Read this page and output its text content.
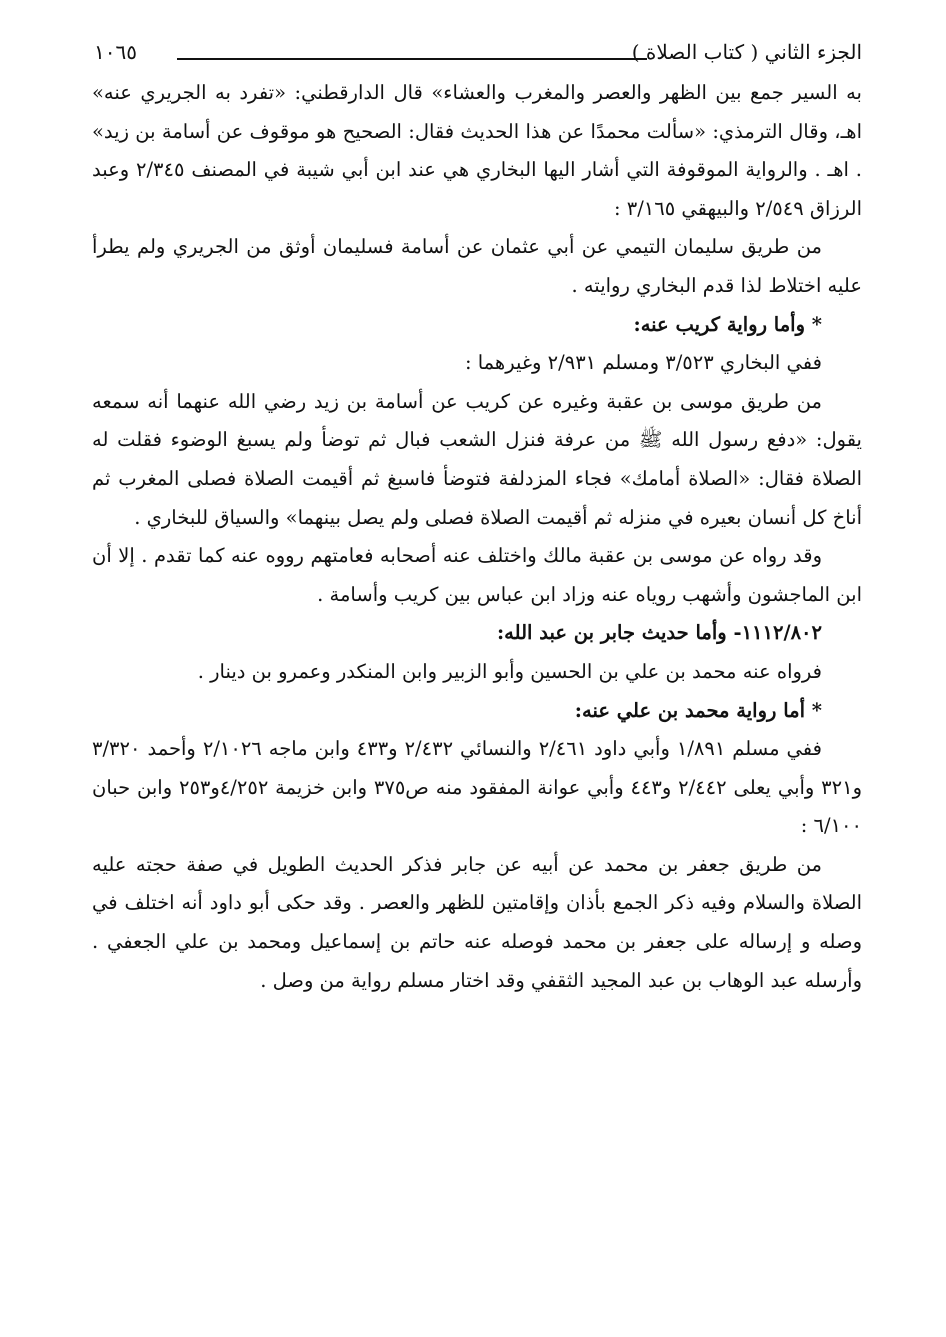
الجزء الثاني ( كتاب الصلاة )
١٠٦٥

به السير جمع بين الظهر والعصر والمغرب والعشاء» قال الدارقطني: «تفرد به الجريري عنه» اهـ، وقال الترمذي: «سألت محمدًا عن هذا الحديث فقال: الصحيح هو موقوف عن أسامة بن زيد» . اهـ . والرواية الموقوفة التي أشار اليها البخاري هي عند ابن أبي شيبة في المصنف ٢/٣٤٥ وعبد الرزاق ٢/٥٤٩ والبيهقي ٣/١٦٥ :

من طريق سليمان التيمي عن أبي عثمان عن أسامة فسليمان أوثق من الجريري ولم يطرأ عليه اختلاط لذا قدم البخاري روايته .

* وأما رواية كريب عنه:

ففي البخاري ٣/٥٢٣ ومسلم ٢/٩٣١ وغيرهما :

من طريق موسى بن عقبة وغيره عن كريب عن أسامة بن زيد رضي الله عنهما أنه سمعه يقول: «دفع رسول الله ﷺ من عرفة فنزل الشعب فبال ثم توضأ ولم يسبغ الوضوء فقلت له الصلاة فقال: «الصلاة أمامك» فجاء المزدلفة فتوضأ فاسبغ ثم أقيمت الصلاة فصلى المغرب ثم أناخ كل أنسان بعيره في منزله ثم أقيمت الصلاة فصلى ولم يصل بينهما» والسياق للبخاري .

وقد رواه عن موسى بن عقبة مالك واختلف عنه أصحابه فعامتهم رووه عنه كما تقدم . إلا أن ابن الماجشون وأشهب روياه عنه وزاد ابن عباس بين كريب وأسامة .

١١١٢/٨٠٢- وأما حديث جابر بن عبد الله:

فرواه عنه محمد بن علي بن الحسين وأبو الزبير وابن المنكدر وعمرو بن دينار .

* أما رواية محمد بن علي عنه:

ففي مسلم ١/٨٩١ وأبي داود ٢/٤٦١ والنسائي ٢/٤٣٢ و٤٣٣ وابن ماجه ٢/١٠٢٦ وأحمد ٣/٣٢٠ و٣٢١ وأبي يعلى ٢/٤٤٢ و٤٤٣ وأبي عوانة المفقود منه ص٣٧٥ وابن خزيمة ٤/٢٥٢و٢٥٣ وابن حبان ٦/١٠٠ :

من طريق جعفر بن محمد عن أبيه عن جابر فذكر الحديث الطويل في صفة حجته عليه الصلاة والسلام وفيه ذكر الجمع بأذان وإقامتين للظهر والعصر . وقد حكى أبو داود أنه اختلف في وصله و إرساله على جعفر بن محمد فوصله عنه حاتم بن إسماعيل ومحمد بن علي الجعفي . وأرسله عبد الوهاب بن عبد المجيد الثقفي وقد اختار مسلم رواية من وصل .
